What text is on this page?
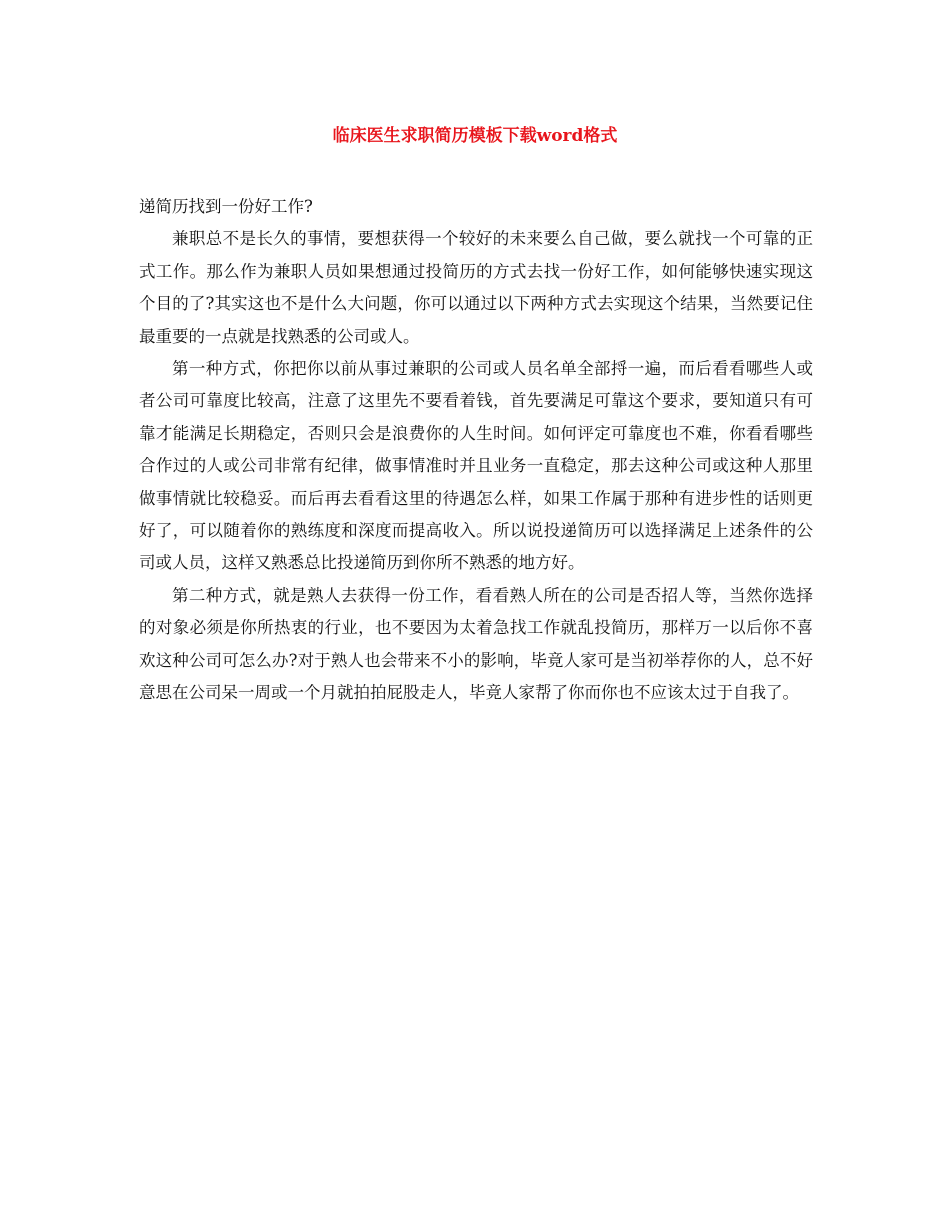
临床医生求职简历模板下载word格式

递简历找到一份好工作?

兼职总不是长久的事情，要想获得一个较好的未来要么自己做，要么就找一个可靠的正式工作。那么作为兼职人员如果想通过投简历的方式去找一份好工作，如何能够快速实现这个目的了?其实这也不是什么大问题，你可以通过以下两种方式去实现这个结果，当然要记住最重要的一点就是找熟悉的公司或人。

第一种方式，你把你以前从事过兼职的公司或人员名单全部捋一遍，而后看看哪些人或者公司可靠度比较高，注意了这里先不要看着钱，首先要满足可靠这个要求，要知道只有可靠才能满足长期稳定，否则只会是浪费你的人生时间。如何评定可靠度也不难，你看看哪些合作过的人或公司非常有纪律，做事情准时并且业务一直稳定，那去这种公司或这种人那里做事情就比较稳妥。而后再去看看这里的待遇怎么样，如果工作属于那种有进步性的话则更好了，可以随着你的熟练度和深度而提高收入。所以说投递简历可以选择满足上述条件的公司或人员，这样又熟悉总比投递简历到你所不熟悉的地方好。

第二种方式，就是熟人去获得一份工作，看看熟人所在的公司是否招人等，当然你选择的对象必须是你所热衷的行业，也不要因为太着急找工作就乱投简历，那样万一以后你不喜欢这种公司可怎么办?对于熟人也会带来不小的影响，毕竟人家可是当初举荐你的人，总不好意思在公司呆一周或一个月就拍拍屁股走人，毕竟人家帮了你而你也不应该太过于自我了。
